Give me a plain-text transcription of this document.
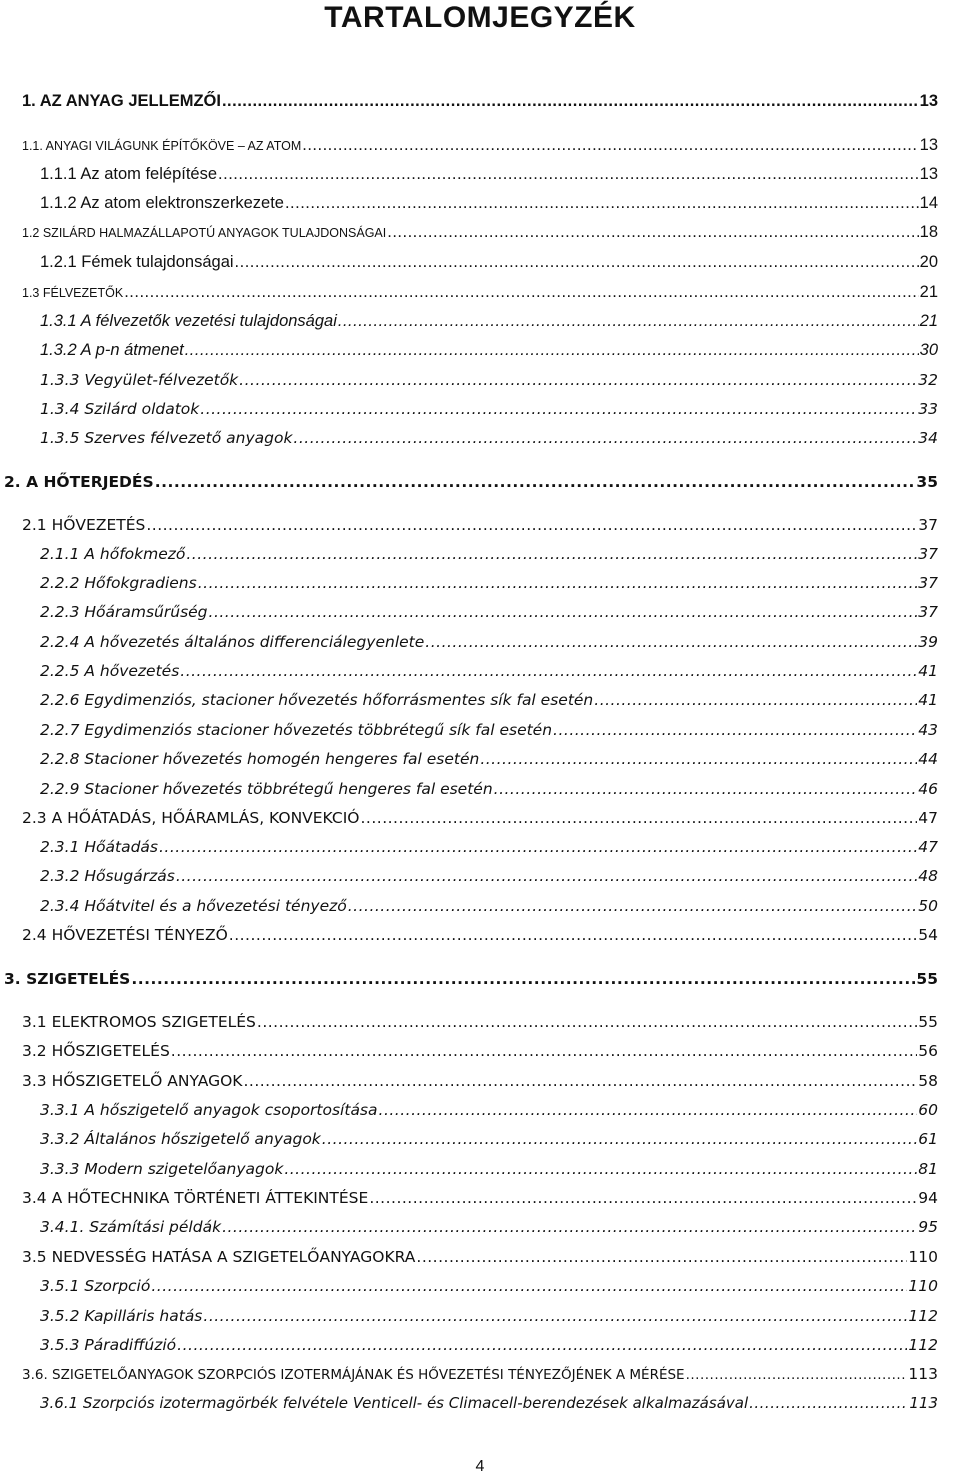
TARTALOMJEGYZÉK
1. AZ ANYAG JELLEMZŐI .....	13
1.1. ANYAGI VILÁGUNK ÉPÍTŐKÖVE – AZ ATOM .....	13
1.1.1 Az atom felépítése .....	13
1.1.2 Az atom elektronszerkezete .....	14
1.2 SZILÁRD HALMAZÁLLAPOTÚ ANYAGOK TULAJDONSÁGAI .....	18
1.2.1 Fémek tulajdonságai .....	20
1.3 FÉLVEZETŐK .....	21
1.3.1 A félvezetők vezetési tulajdonságai .....	21
1.3.2 A p-n átmenet .....	30
1.3.3 Vegyület-félvezetők .....	32
1.3.4 Szilárd oldatok .....	33
1.3.5 Szerves félvezető anyagok .....	34
2. A HŐTERJEDÉS .....	35
2.1 HŐVEZETÉS .....	37
2.1.1 A hőfokmező .....	37
2.2.2 Hőfokgradiens .....	37
2.2.3 Hőáramsűrűség .....	37
2.2.4 A hővezetés általános differenciálegyenlete .....	39
2.2.5 A hővezetés .....	41
2.2.6 Egydimenziós, stacioner hővezetés hőforrásmentes sík fal esetén .....	41
2.2.7 Egydimenziós stacioner hővezetés többrétegű sík fal esetén .....	43
2.2.8 Stacioner hővezetés homogén hengeres fal esetén .....	44
2.2.9 Stacioner hővezetés többrétegű hengeres fal esetén .....	46
2.3 A HŐÁTADÁS, HŐÁRAMLÁS, KONVEKCIÓ .....	47
2.3.1 Hőátadás .....	47
2.3.2 Hősugárzás .....	48
2.3.4 Hőátvitel és a hővezetési tényező .....	50
2.4 HŐVEZETÉSI TÉNYEZŐ .....	54
3. SZIGETELÉS .....	55
3.1 ELEKTROMOS SZIGETELÉS .....	55
3.2 HŐSZIGETELÉS .....	56
3.3 HŐSZIGETELŐ ANYAGOK .....	58
3.3.1 A hőszigetelő anyagok csoportosítása .....	60
3.3.2 Általános hőszigetelő anyagok .....	61
3.3.3 Modern szigetelőanyagok .....	81
3.4 A HŐTECHNIKA TÖRTÉNETI ÁTTEKINTÉSE .....	94
3.4.1. Számítási példák .....	95
3.5 NEDVESSÉG HATÁSA A SZIGETELŐANYAGOKRA .....	110
3.5.1 Szorpció .....	110
3.5.2 Kapilláris hatás .....	112
3.5.3 Páradiffúzió .....	112
3.6. SZIGETELŐANYAGOK SZORPCIÓS IZOTERMÁJÁNAK ÉS HŐVEZETÉSI TÉNYEZŐJÉNEK A MÉRÉSE .....	113
3.6.1 Szorpciós izotermagörbék felvétele Venticell- és Climacell-berendezések alkalmazásával .....	113
4
